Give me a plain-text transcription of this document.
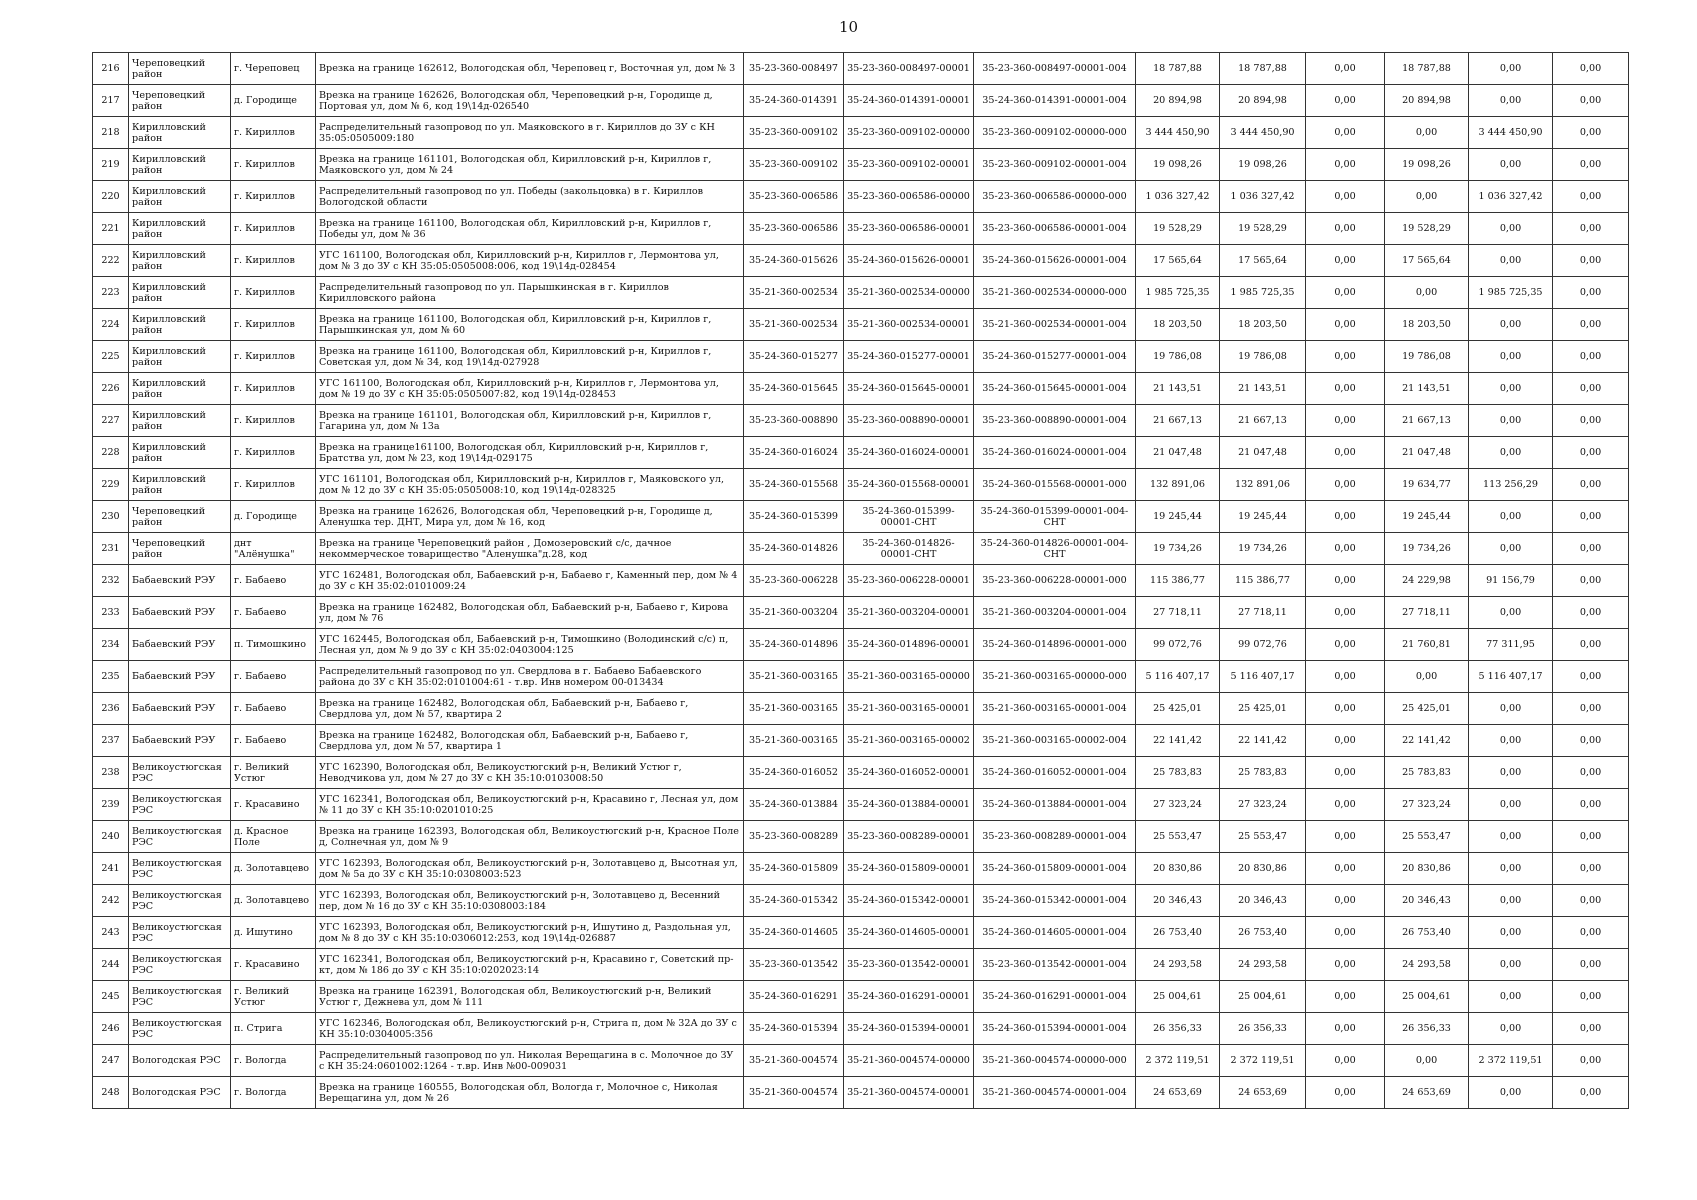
10
216	Череповецкий район	г. Череповец	Врезка на границе 162612, Вологодская обл, Череповец г, Восточная ул, дом № 3	35-23-360-008497	35-23-360-008497-00001	35-23-360-008497-00001-004	18 787,88	18 787,88	0,00	18 787,88	0,00	0,00
217	Череповецкий район	д. Городище	Врезка на границе 162626, Вологодская обл, Череповецкий р-н, Городище д, Портовая ул, дом № 6, код 19\14д-026540	35-24-360-014391	35-24-360-014391-00001	35-24-360-014391-00001-004	20 894,98	20 894,98	0,00	20 894,98	0,00	0,00
218	Кирилловский район	г. Кириллов	Распределительный газопровод по ул. Маяковского в г. Кириллов до ЗУ с КН 35:05:0505009:180	35-23-360-009102	35-23-360-009102-00000	35-23-360-009102-00000-000	3 444 450,90	3 444 450,90	0,00	0,00	3 444 450,90	0,00
219	Кирилловский район	г. Кириллов	Врезка на границе 161101, Вологодская обл, Кирилловский р-н, Кириллов г, Маяковского ул, дом № 24	35-23-360-009102	35-23-360-009102-00001	35-23-360-009102-00001-004	19 098,26	19 098,26	0,00	19 098,26	0,00	0,00
220	Кирилловский район	г. Кириллов	Распределительный газопровод по ул. Победы (закольцовка) в г. Кириллов Вологодской области	35-23-360-006586	35-23-360-006586-00000	35-23-360-006586-00000-000	1 036 327,42	1 036 327,42	0,00	0,00	1 036 327,42	0,00
221	Кирилловский район	г. Кириллов	Врезка на границе 161100, Вологодская обл, Кирилловский р-н, Кириллов г, Победы ул, дом № 36	35-23-360-006586	35-23-360-006586-00001	35-23-360-006586-00001-004	19 528,29	19 528,29	0,00	19 528,29	0,00	0,00
222	Кирилловский район	г. Кириллов	УГС 161100, Вологодская обл, Кирилловский р-н, Кириллов г, Лермонтова ул, дом № 3 до ЗУ с КН 35:05:0505008:006, код 19\14д-028454	35-24-360-015626	35-24-360-015626-00001	35-24-360-015626-00001-004	17 565,64	17 565,64	0,00	17 565,64	0,00	0,00
223	Кирилловский район	г. Кириллов	Распределительный газопровод по ул. Парышкинская в г. Кириллов Кирилловского района	35-21-360-002534	35-21-360-002534-00000	35-21-360-002534-00000-000	1 985 725,35	1 985 725,35	0,00	0,00	1 985 725,35	0,00
224	Кирилловский район	г. Кириллов	Врезка на границе 161100, Вологодская обл, Кирилловский р-н, Кириллов г, Парышкинская ул, дом № 60	35-21-360-002534	35-21-360-002534-00001	35-21-360-002534-00001-004	18 203,50	18 203,50	0,00	18 203,50	0,00	0,00
225	Кирилловский район	г. Кириллов	Врезка на границе 161100, Вологодская обл, Кирилловский р-н, Кириллов г, Советская ул, дом № 34, код 19\14д-027928	35-24-360-015277	35-24-360-015277-00001	35-24-360-015277-00001-004	19 786,08	19 786,08	0,00	19 786,08	0,00	0,00
226	Кирилловский район	г. Кириллов	УГС 161100, Вологодская обл, Кирилловский р-н, Кириллов г, Лермонтова ул, дом № 19 до ЗУ с КН 35:05:0505007:82, код 19\14д-028453	35-24-360-015645	35-24-360-015645-00001	35-24-360-015645-00001-004	21 143,51	21 143,51	0,00	21 143,51	0,00	0,00
227	Кирилловский район	г. Кириллов	Врезка на границе 161101, Вологодская обл, Кирилловский р-н, Кириллов г, Гагарина ул, дом № 13а	35-23-360-008890	35-23-360-008890-00001	35-23-360-008890-00001-004	21 667,13	21 667,13	0,00	21 667,13	0,00	0,00
228	Кирилловский район	г. Кириллов	Врезка на границе161100, Вологодская обл, Кирилловский р-н, Кириллов г, Братства ул, дом № 23, код 19\14д-029175	35-24-360-016024	35-24-360-016024-00001	35-24-360-016024-00001-004	21 047,48	21 047,48	0,00	21 047,48	0,00	0,00
229	Кирилловский район	г. Кириллов	УГС 161101, Вологодская обл, Кирилловский р-н, Кириллов г, Маяковского ул, дом № 12 до ЗУ с КН 35:05:0505008:10, код 19\14д-028325	35-24-360-015568	35-24-360-015568-00001	35-24-360-015568-00001-000	132 891,06	132 891,06	0,00	19 634,77	113 256,29	0,00
230	Череповецкий район	д. Городище	Врезка на границе 162626, Вологодская обл, Череповецкий р-н, Городище д, Аленушка тер. ДНТ, Мира ул, дом № 16, код	35-24-360-015399	35-24-360-015399-00001-СНТ	35-24-360-015399-00001-004-СНТ	19 245,44	19 245,44	0,00	19 245,44	0,00	0,00
231	Череповецкий район	днт "Алёнушка"	Врезка на границе Череповецкий район , Домозеровский с/с, дачное некоммерческое товарищество "Аленушка"д.28, код	35-24-360-014826	35-24-360-014826-00001-СНТ	35-24-360-014826-00001-004-СНТ	19 734,26	19 734,26	0,00	19 734,26	0,00	0,00
232	Бабаевский РЭУ	г. Бабаево	УГС 162481, Вологодская обл, Бабаевский р-н, Бабаево г, Каменный пер, дом № 4 до ЗУ с КН 35:02:0101009:24	35-23-360-006228	35-23-360-006228-00001	35-23-360-006228-00001-000	115 386,77	115 386,77	0,00	24 229,98	91 156,79	0,00
233	Бабаевский РЭУ	г. Бабаево	Врезка на границе 162482, Вологодская обл, Бабаевский р-н, Бабаево г, Кирова ул, дом № 76	35-21-360-003204	35-21-360-003204-00001	35-21-360-003204-00001-004	27 718,11	27 718,11	0,00	27 718,11	0,00	0,00
234	Бабаевский РЭУ	п. Тимошкино	УГС 162445, Вологодская обл, Бабаевский р-н, Тимошкино (Володинский с/с) п, Лесная ул, дом № 9 до ЗУ с КН 35:02:0403004:125	35-24-360-014896	35-24-360-014896-00001	35-24-360-014896-00001-000	99 072,76	99 072,76	0,00	21 760,81	77 311,95	0,00
235	Бабаевский РЭУ	г. Бабаево	Распределительный газопровод по ул. Свердлова в г. Бабаево Бабаевского района до ЗУ с КН 35:02:0101004:61 - т.вр. Инв номером 00-013434	35-21-360-003165	35-21-360-003165-00000	35-21-360-003165-00000-000	5 116 407,17	5 116 407,17	0,00	0,00	5 116 407,17	0,00
236	Бабаевский РЭУ	г. Бабаево	Врезка на границе 162482, Вологодская обл, Бабаевский р-н, Бабаево г, Свердлова ул, дом № 57, квартира 2	35-21-360-003165	35-21-360-003165-00001	35-21-360-003165-00001-004	25 425,01	25 425,01	0,00	25 425,01	0,00	0,00
237	Бабаевский РЭУ	г. Бабаево	Врезка на границе 162482, Вологодская обл, Бабаевский р-н, Бабаево г, Свердлова ул, дом № 57, квартира 1	35-21-360-003165	35-21-360-003165-00002	35-21-360-003165-00002-004	22 141,42	22 141,42	0,00	22 141,42	0,00	0,00
238	Великоустюгская РЭС	г. Великий Устюг	УГС 162390, Вологодская обл, Великоустюгский р-н, Великий Устюг г, Неводчикова ул, дом № 27 до ЗУ с КН 35:10:0103008:50	35-24-360-016052	35-24-360-016052-00001	35-24-360-016052-00001-004	25 783,83	25 783,83	0,00	25 783,83	0,00	0,00
239	Великоустюгская РЭС	г. Красавино	УГС 162341, Вологодская обл, Великоустюгский р-н, Красавино г, Лесная ул, дом № 11 до ЗУ с КН 35:10:0201010:25	35-24-360-013884	35-24-360-013884-00001	35-24-360-013884-00001-004	27 323,24	27 323,24	0,00	27 323,24	0,00	0,00
240	Великоустюгская РЭС	д. Красное Поле	Врезка на границе 162393, Вологодская обл, Великоустюгский р-н, Красное Поле д, Солнечная ул, дом № 9	35-23-360-008289	35-23-360-008289-00001	35-23-360-008289-00001-004	25 553,47	25 553,47	0,00	25 553,47	0,00	0,00
241	Великоустюгская РЭС	д. Золотавцево	УГС 162393, Вологодская обл, Великоустюгский р-н, Золотавцево д, Высотная ул, дом № 5а до ЗУ с КН 35:10:0308003:523	35-24-360-015809	35-24-360-015809-00001	35-24-360-015809-00001-004	20 830,86	20 830,86	0,00	20 830,86	0,00	0,00
242	Великоустюгская РЭС	д. Золотавцево	УГС 162393, Вологодская обл, Великоустюгский р-н, Золотавцево д, Весенний пер, дом № 16 до ЗУ с КН 35:10:0308003:184	35-24-360-015342	35-24-360-015342-00001	35-24-360-015342-00001-004	20 346,43	20 346,43	0,00	20 346,43	0,00	0,00
243	Великоустюгская РЭС	д. Ишутино	УГС 162393, Вологодская обл, Великоустюгский р-н, Ишутино д, Раздольная ул, дом № 8 до ЗУ с КН 35:10:0306012:253, код 19\14д-026887	35-24-360-014605	35-24-360-014605-00001	35-24-360-014605-00001-004	26 753,40	26 753,40	0,00	26 753,40	0,00	0,00
244	Великоустюгская РЭС	г. Красавино	УГС 162341, Вологодская обл, Великоустюгский р-н, Красавино г, Советский пр-кт, дом № 186 до ЗУ с КН 35:10:0202023:14	35-23-360-013542	35-23-360-013542-00001	35-23-360-013542-00001-004	24 293,58	24 293,58	0,00	24 293,58	0,00	0,00
245	Великоустюгская РЭС	г. Великий Устюг	Врезка на границе 162391, Вологодская обл, Великоустюгский р-н, Великий Устюг г, Дежнева ул, дом № 111	35-24-360-016291	35-24-360-016291-00001	35-24-360-016291-00001-004	25 004,61	25 004,61	0,00	25 004,61	0,00	0,00
246	Великоустюгская РЭС	п. Стрига	УГС 162346, Вологодская обл, Великоустюгский р-н, Стрига п, дом № 32А до ЗУ с КН 35:10:0304005:356	35-24-360-015394	35-24-360-015394-00001	35-24-360-015394-00001-004	26 356,33	26 356,33	0,00	26 356,33	0,00	0,00
247	Вологодская РЭС	г. Вологда	Распределительный газопровод по ул. Николая Верещагина в с. Молочное до ЗУ с КН 35:24:0601002:1264 - т.вр. Инв №00-009031	35-21-360-004574	35-21-360-004574-00000	35-21-360-004574-00000-000	2 372 119,51	2 372 119,51	0,00	0,00	2 372 119,51	0,00
248	Вологодская РЭС	г. Вологда	Врезка на границе 160555, Вологодская обл, Вологда г, Молочное с, Николая Верещагина ул, дом № 26	35-21-360-004574	35-21-360-004574-00001	35-21-360-004574-00001-004	24 653,69	24 653,69	0,00	24 653,69	0,00	0,00
